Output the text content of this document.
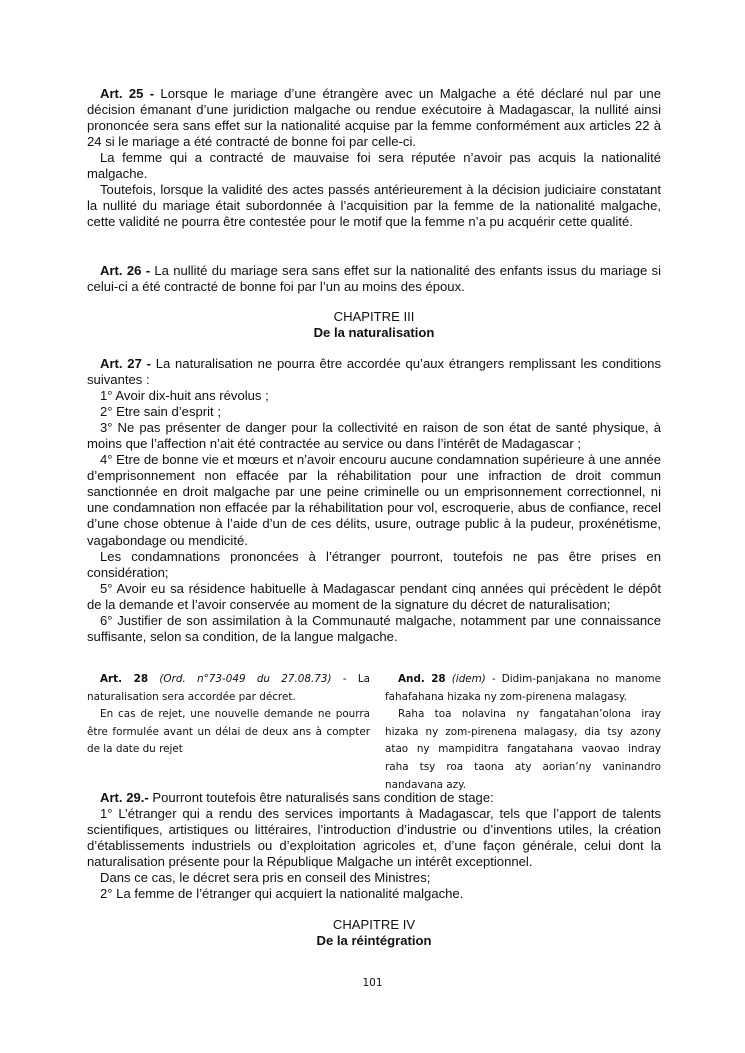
Art. 25 - Lorsque le mariage d’une étrangère avec un Malgache a été déclaré nul par une décision émanant d’une juridiction malgache ou rendue exécutoire à Madagascar, la nullité ainsi prononcée sera sans effet sur la nationalité acquise par la femme conformément aux articles 22 à 24 si le mariage a été contracté de bonne foi par celle-ci.

La femme qui a contracté de mauvaise foi sera réputée n’avoir pas acquis la nationalité malgache.

Toutefois, lorsque la validité des actes passés antérieurement à la décision judiciaire constatant la nullité du mariage était subordonnée à l’acquisition par la femme de la nationalité malgache, cette validité ne pourra être contestée pour le motif que la femme n’a pu acquérir cette qualité.

Art. 26 - La nullité du mariage sera sans effet sur la nationalité des enfants issus du mariage si celui-ci a été contracté de bonne foi par l’un au moins des époux.

CHAPITRE III
De la naturalisation

Art. 27 - La naturalisation ne pourra être accordée qu’aux étrangers remplissant les conditions suivantes :

1° Avoir dix-huit ans révolus ;

2° Etre sain d’esprit ;

3° Ne pas présenter de danger pour la collectivité en raison de son état de santé physique, à moins que l’affection n’ait été contractée au service ou dans l’intérêt de Madagascar ;

4° Etre de bonne vie et mœurs et n’avoir encouru aucune condamnation supérieure à une année d’emprisonnement non effacée par la réhabilitation pour une infraction de droit commun sanctionnée en droit malgache par une peine criminelle ou un emprisonnement correctionnel, ni une condamnation non effacée par la réhabilitation pour vol, escroquerie, abus de confiance, recel d’une chose obtenue à l’aide d’un de ces délits, usure, outrage public à la pudeur, proxénétisme, vagabondage ou mendicité.

Les condamnations prononcées à l’étranger pourront, toutefois ne pas être prises en considération;

5° Avoir eu sa résidence habituelle à Madagascar pendant cinq années qui précèdent le dépôt de la demande et l’avoir conservée au moment de la signature du décret de naturalisation;

6° Justifier de son assimilation à la Communauté malgache, notamment par une connaissance suffisante, selon sa condition, de la langue malgache.

Art. 28 (Ord. n°73-049 du 27.08.73) - La naturalisation sera accordée par décret.

En cas de rejet, une nouvelle demande ne pourra être formulée avant un délai de deux ans à compter de la date du rejet

And. 28 (idem) - Didim-panjakana no manome fahafahana hizaka ny zom-pirenena malagasy.

Raha toa nolavina ny fangatahan’olona iray hizaka ny zom-pirenena malagasy, dia tsy azony atao ny mampiditra fangatahana vaovao indray raha tsy roa taona aty aorian’ny vaninandro nandavana azy.

Art. 29.- Pourront toutefois être naturalisés sans condition de stage:

1° L’étranger qui a rendu des services importants à Madagascar, tels que l’apport de talents scientifiques, artistiques ou littéraires, l’introduction d’industrie ou d’inventions utiles, la création d’établissements industriels ou d’exploitation agricoles et, d’une façon générale, celui dont la naturalisation présente pour la République Malgache un intérêt exceptionnel.

Dans ce cas, le décret sera pris en conseil des Ministres;

2° La femme de l’étranger qui acquiert la nationalité malgache.

CHAPITRE IV
De la réintégration
101
